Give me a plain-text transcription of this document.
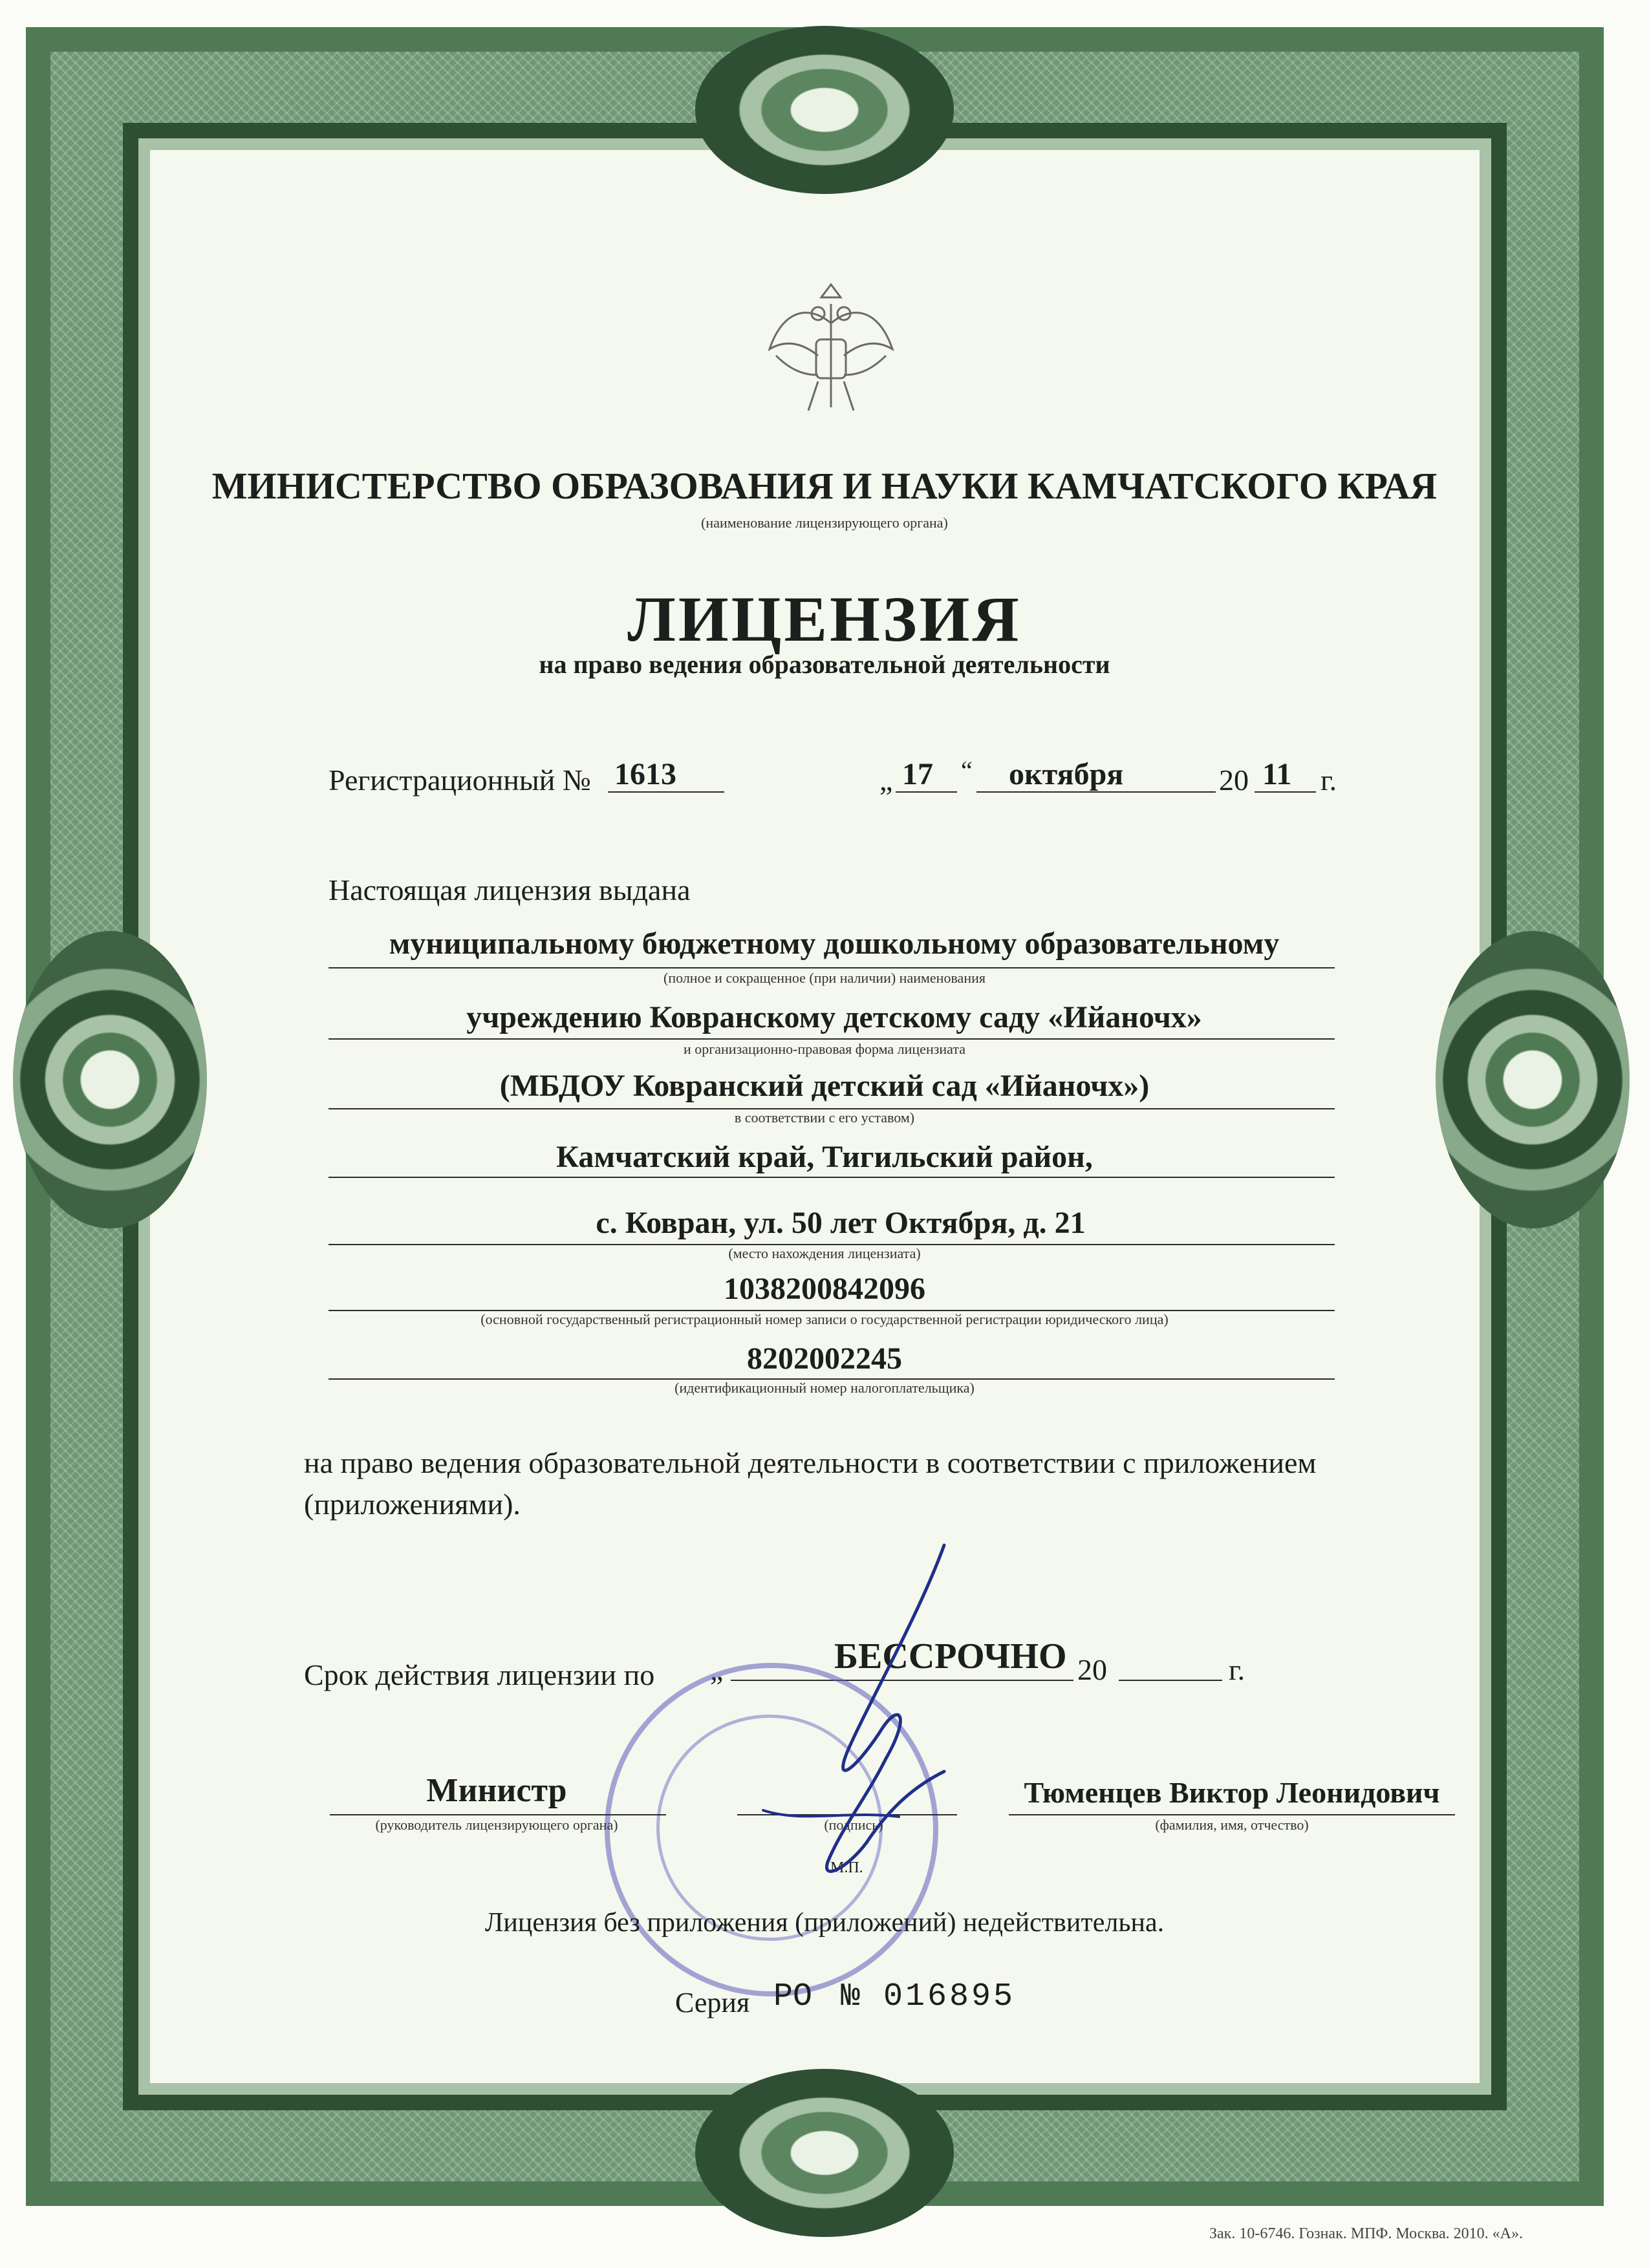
МИНИСТЕРСТВО ОБРАЗОВАНИЯ И НАУКИ КАМЧАТСКОГО КРАЯ
(наименование лицензирующего органа)
ЛИЦЕНЗИЯ
на право ведения образовательной деятельности
Регистрационный № 1613	„ 17 “ октября	20 11 г.
Настоящая лицензия выдана
муниципальному бюджетному дошкольному образовательному
(полное и сокращенное (при наличии) наименования
учреждению Ковранскому детскому саду «Ийаночх»
и организационно-правовая форма лицензиата
(МБДОУ Ковранский детский сад «Ийаночх»)
в соответствии с его уставом)
Камчатский край, Тигильский район,
с. Ковран, ул. 50 лет Октября, д. 21
(место нахождения лицензиата)
1038200842096
(основной государственный регистрационный номер записи о государственной регистрации юридического лица)
8202002245
(идентификационный номер налогоплательщика)
на право ведения образовательной деятельности в соответствии с приложением
(приложениями).
Срок действия лицензии по „	БЕССРОЧНО 20	г.
Министр
(руководитель лицензирующего органа)	(подпись)
Тюменцев Виктор Леонидович
(фамилия, имя, отчество)
М.П.
Лицензия без приложения (приложений) недействительна.
Серия РО № 016895
Зак. 10-6746. Гознак. МПФ. Москва. 2010. «А».
